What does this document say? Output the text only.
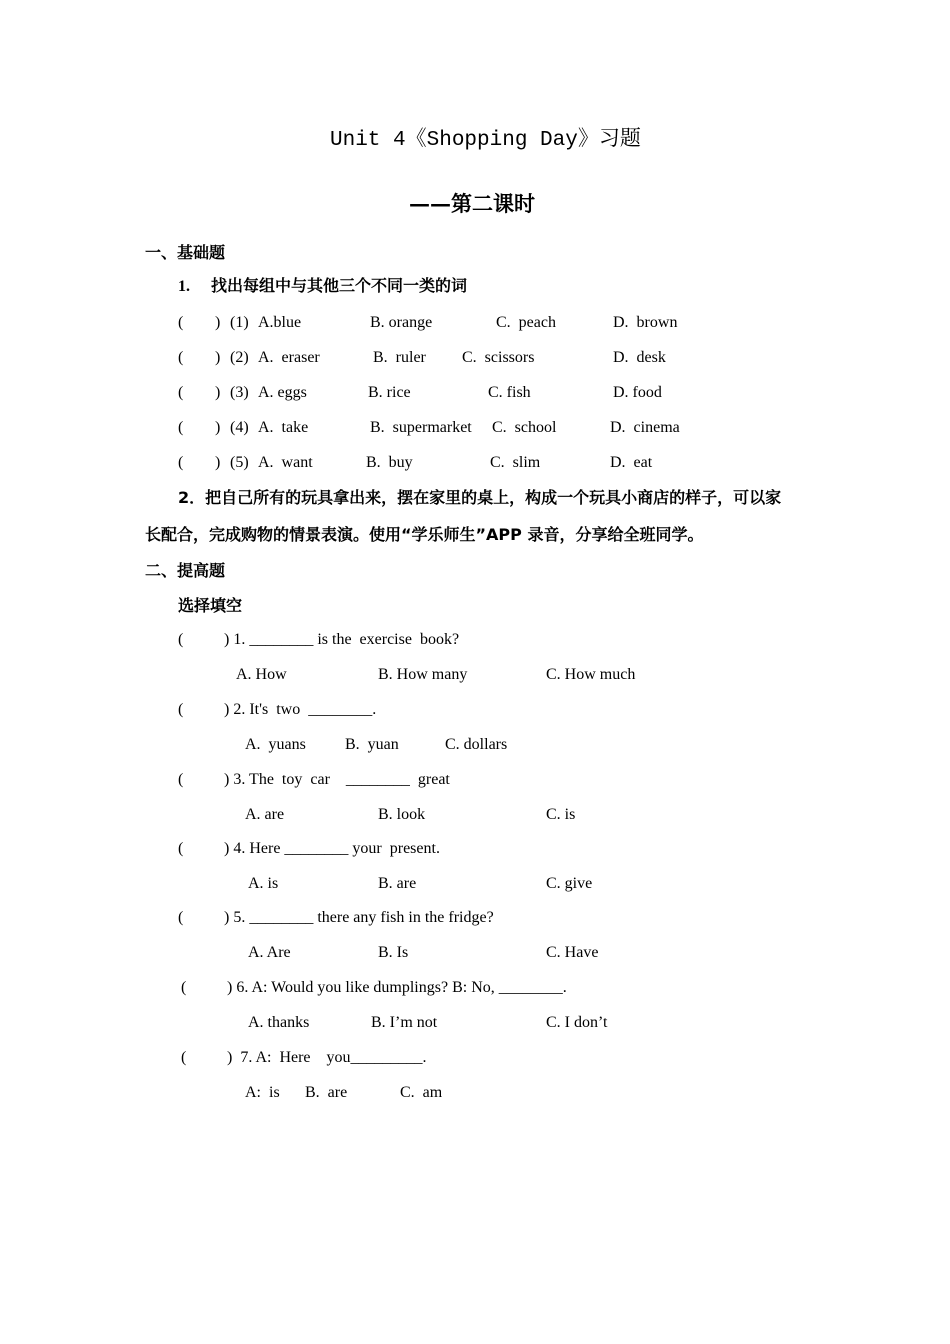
Unit 4《Shopping Day》习题
——第二课时
一、基础题
1. 找出每组中与其他三个不同一类的词
( ) (1) A.blue	B. orange	C.  peach	D.  brown
( ) (2) A.  eraser	B.  ruler C.  scissors	D.  desk
( ) (3) A. eggs	B. rice	C. fish	D. food
( ) (4) A.  take	B.  supermarket C.  school	D.  cinema
( ) (5) A.  want	B.  buy	C.  slim	D.  eat
2．把自己所有的玩具拿出来，摆在家里的桌上，构成一个玩具小商店的样子，可以家
长配合，完成购物的情景表演。使用“学乐师生”APP 录音，分享给全班同学。
二、提高题
选择填空
(	) 1. ________ is the  exercise  book?
A. How	B. How many	C. How much
(	) 2. It's  two  ________.
A.  yuans B.  yuan	C. dollars
(	) 3. The  toy  car    ________  great
A. are	B. look	C. is
(	) 4. Here ________ your  present.
A. is	B. are	C. give
(	) 5. ________ there any fish in the fridge?
A. Are	B. Is	C. Have
(	) 6. A: Would you like dumplings? B: No, ________.
A. thanks	B. I’m not	C. I don’t
(	)  7. A:  Here    you_________.
A:  is B.  are	C.  am
